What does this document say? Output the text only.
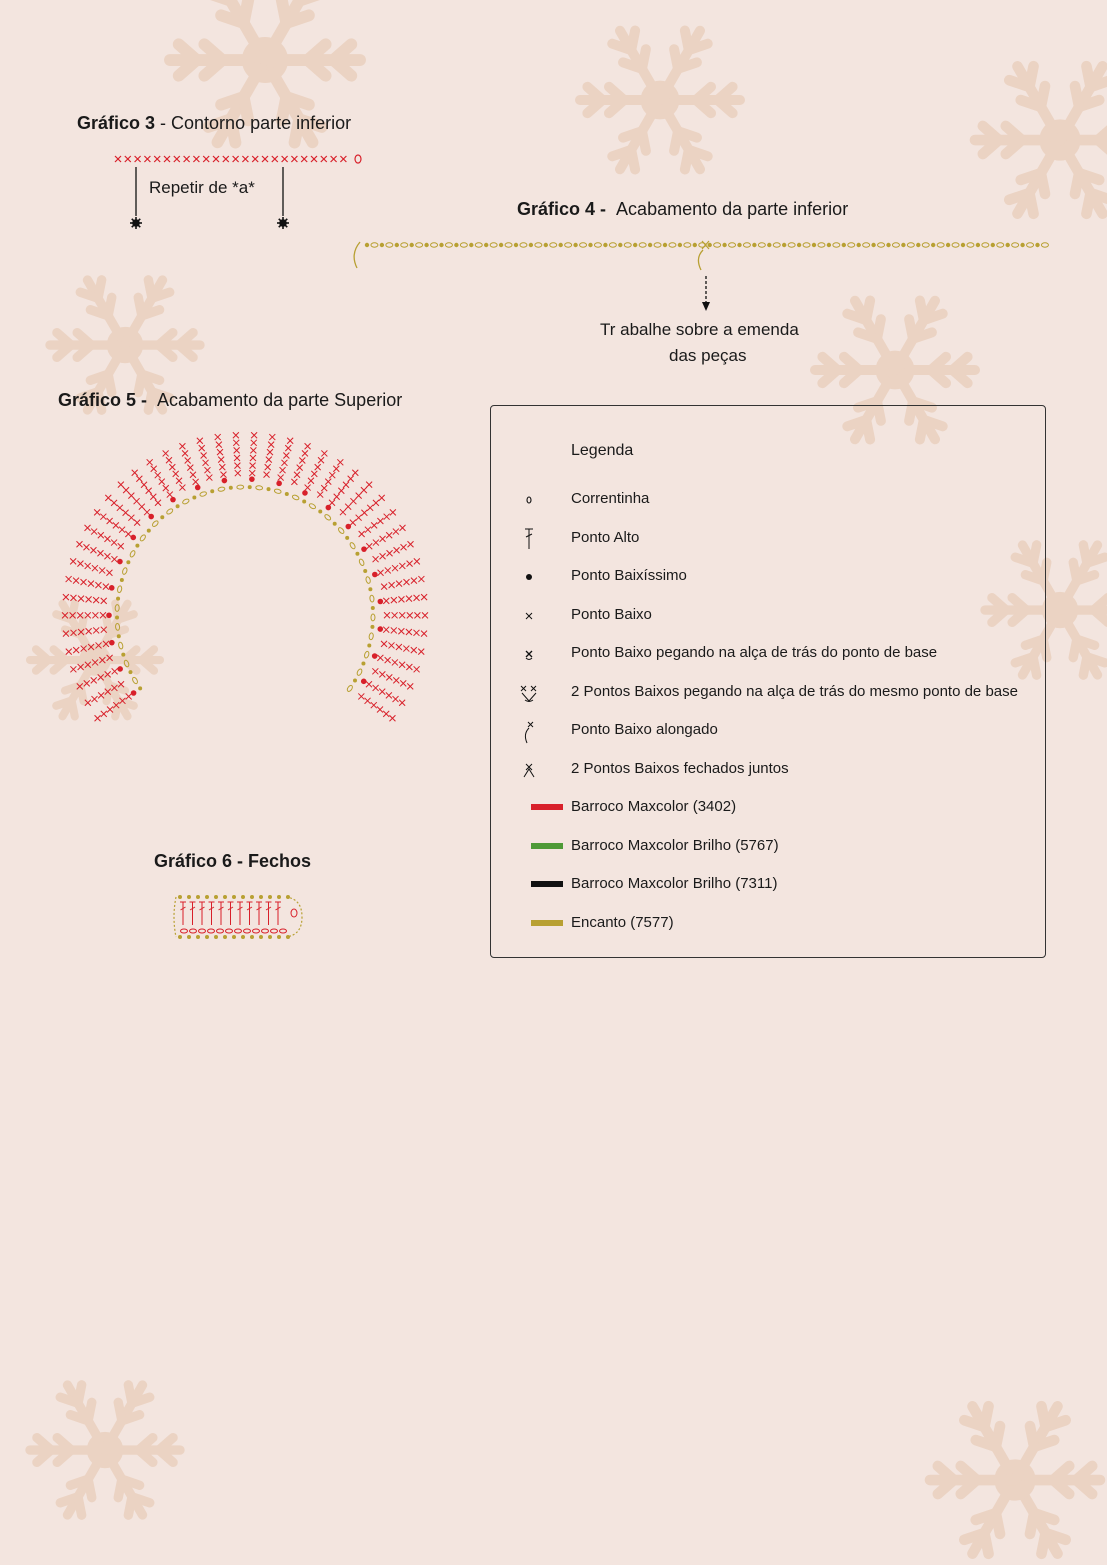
Gráfico 3 - Contorno parte inferior
Repetir de *a*
Gráfico 4 - Acabamento da parte inferior
Tr abalhe sobre a emenda
das peças
Gráfico 5 - Acabamento da parte Superior
Gráfico 6 - Fechos
Legenda
Correntinha
Ponto Alto
Ponto Baixíssimo
Ponto Baixo
Ponto Baixo pegando na alça de trás do ponto de base
2 Pontos Baixos pegando na alça de trás do mesmo ponto de base
Ponto Baixo alongado
2 Pontos Baixos fechados juntos
Barroco Maxcolor (3402)
Barroco Maxcolor Brilho (5767)
Barroco Maxcolor Brilho (7311)
Encanto (7577)
